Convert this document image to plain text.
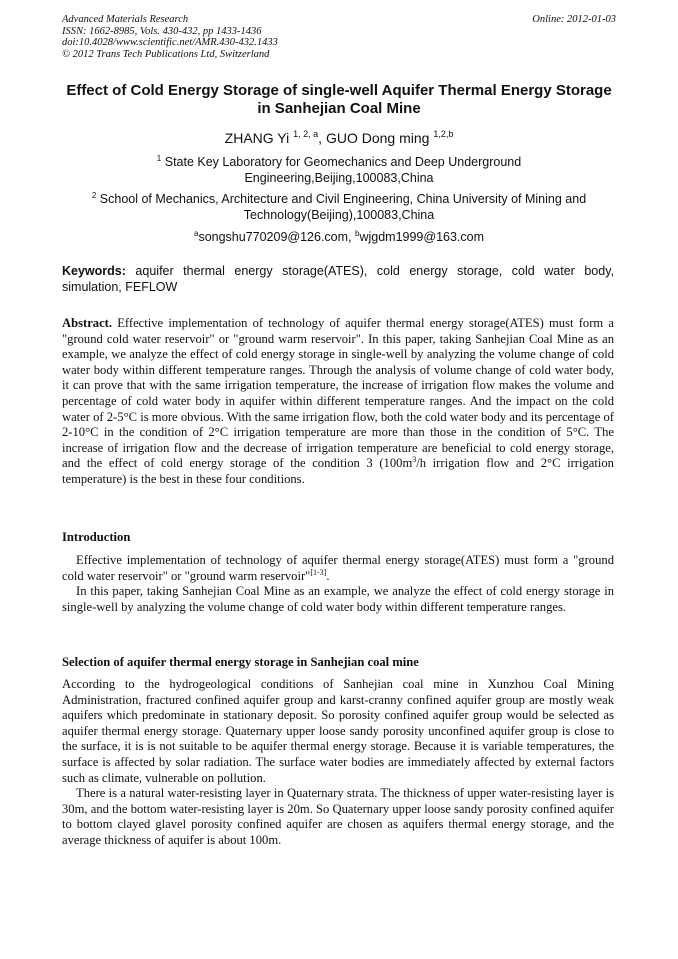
Advanced Materials Research
ISSN: 1662-8985, Vols. 430-432, pp 1433-1436
doi:10.4028/www.scientific.net/AMR.430-432.1433
© 2012 Trans Tech Publications Ltd, Switzerland
Online: 2012-01-03
Effect of Cold Energy Storage of single-well Aquifer Thermal Energy Storage in Sanhejian Coal Mine
ZHANG Yi $^{1, 2, a}$, GUO Dong ming $^{1,2,b}$
$^1$ State Key Laboratory for Geomechanics and Deep Underground Engineering,Beijing,100083,China
$^2$ School of Mechanics, Architecture and Civil Engineering, China University of Mining and Technology(Beijing),100083,China
$^a$songshu770209@126.com, $^b$wjgdm1999@163.com
Keywords: aquifer thermal energy storage(ATES), cold energy storage, cold water body, simulation, FEFLOW

Abstract. Effective implementation of technology of aquifer thermal energy storage(ATES) must form a "ground cold water reservoir" or "ground warm reservoir". In this paper, taking Sanhejian Coal Mine as an example, we analyze the effect of cold energy storage in single-well by analyzing the volume change of cold water body within different temperature ranges. Through the analysis of volume change of cold water body, it can prove that with the same irrigation temperature, the increase of irrigation flow makes the volume and percentage of cold water body in aquifer within different temperature ranges. And the impact on the cold water of 2-5°C is more obvious. With the same irrigation flow, both the cold water body and its percentage of 2-10°C in the condition of 2°C irrigation temperature are more than those in the condition of 5°C. The increase of irrigation flow and the decrease of irrigation temperature are beneficial to cold energy storage, and the effect of cold energy storage of the condition 3 ($100m^3/h$ irrigation flow and 2°C irrigation temperature) is the best in these four conditions.

Introduction

Effective implementation of technology of aquifer thermal energy storage(ATES) must form a "ground cold water reservoir" or "ground warm reservoir"[1-3].

In this paper, taking Sanhejian Coal Mine as an example, we analyze the effect of cold energy storage in single-well by analyzing the volume change of cold water body within different temperature ranges.

Selection of aquifer thermal energy storage in Sanhejian coal mine

According to the hydrogeological conditions of Sanhejian coal mine in Xunzhou Coal Mining Administration, fractured confined aquifer group and karst-cranny confined aquifer group are mostly weak aquifers which predominate in stationary deposit. So porosity confined aquifer group would be selected as aquifer thermal energy storage. Quaternary upper loose sandy porosity unconfined aquifer group is close to the surface, it is is not suitable to be aquifer thermal energy storage. Because it is variable temperatures, the surface is affected by solar radiation. The surface water bodies are immediately affected by external factors such as climate, vulnerable on pollution.

There is a natural water-resisting layer in Quaternary strata. The thickness of upper water-resisting layer is 30m, and the bottom water-resisting layer is 20m. So Quaternary upper loose sandy porosity confined aquifer to bottom clayed glavel porosity confined aquifer are chosen as aquifers thermal energy storage, and the average thickness of aquifer is about 100m.
